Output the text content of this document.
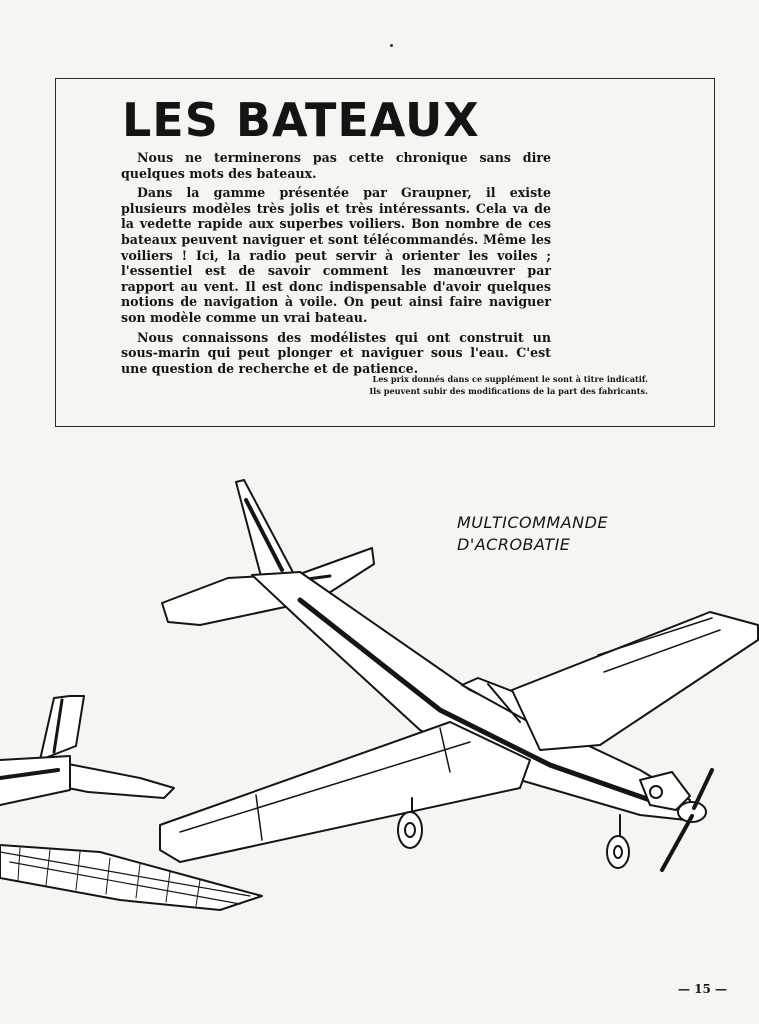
LES BATEAUX

Nous ne terminerons pas cette chronique sans dire quelques mots des bateaux.

Dans la gamme présentée par Graupner, il existe plusieurs modèles très jolis et très intéressants. Cela va de la vedette rapide aux superbes voiliers. Bon nombre de ces bateaux peuvent naviguer et sont télécommandés. Même les voiliers ! Ici, la radio peut servir à orienter les voiles ; l'essentiel est de savoir comment les manœuvrer par rapport au vent. Il est donc indispensable d'avoir quelques notions de navigation à voile. On peut ainsi faire naviguer son modèle comme un vrai bateau.

Nous connaissons des modélistes qui ont construit un sous-marin qui peut plonger et naviguer sous l'eau. C'est une question de recherche et de patience.

Les prix donnés dans ce supplément le sont à titre indicatif.
Ils peuvent subir des modifications de la part des fabricants.
MULTICOMMANDE
D'ACROBATIE
— 15 —
